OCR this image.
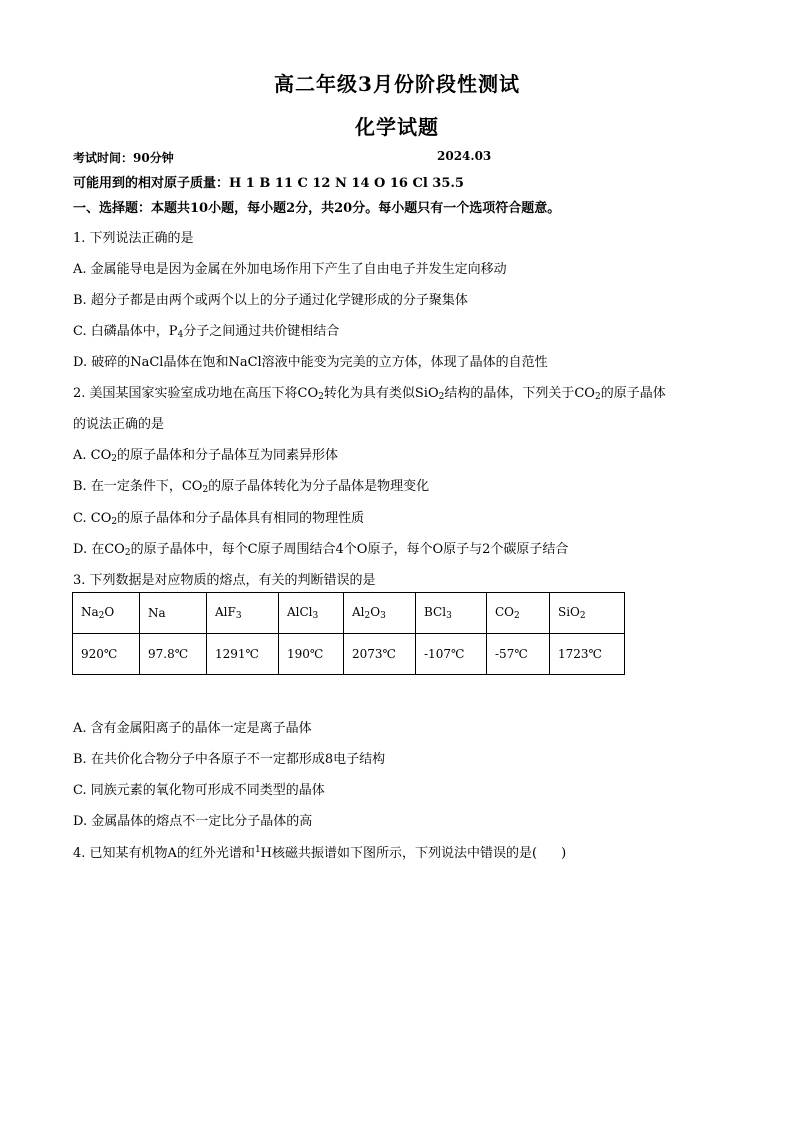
高二年级3月份阶段性测试
化学试题
考试时间：90分钟	2024.03
可能用到的相对原子质量：H 1 B 11 C 12 N 14 O 16 Cl 35.5
一、选择题：本题共10小题，每小题2分，共20分。每小题只有一个选项符合题意。
1. 下列说法正确的是
A. 金属能导电是因为金属在外加电场作用下产生了自由电子并发生定向移动
B. 超分子都是由两个或两个以上的分子通过化学键形成的分子聚集体
C. 白磷晶体中，$P_4$分子之间通过共价键相结合
D. 破碎的NaCl晶体在饱和NaCl溶液中能变为完美的立方体，体现了晶体的自范性
2. 美国某国家实验室成功地在高压下将$CO_2$转化为具有类似SiO$_2$结构的晶体，下列关于$CO_2$的原子晶体
的说法正确的是
A. $CO_2$的原子晶体和分子晶体互为同素异形体
B. 在一定条件下，$CO_2$的原子晶体转化为分子晶体是物理变化
C. $CO_2$的原子晶体和分子晶体具有相同的物理性质
D. 在$CO_2$的原子晶体中，每个C原子周围结合4个O原子，每个O原子与2个碳原子结合
3. 下列数据是对应物质的熔点，有关的判断错误的是
$Na_2O$	Na	AlF$_3$	AlCl$_3$	$Al_2O_3$	BCl$_3$	$CO_2$	SiO$_2$
920℃	97.8℃	1291℃	190℃	2073℃	-107℃	-57℃	1723℃
A. 含有金属阳离子的晶体一定是离子晶体
B. 在共价化合物分子中各原子不一定都形成8电子结构
C. 同族元素的氧化物可形成不同类型的晶体
D. 金属晶体的熔点不一定比分子晶体的高
4. 已知某有机物A的红外光谱和$^1$H核磁共振谱如下图所示，下列说法中错误的是( )
